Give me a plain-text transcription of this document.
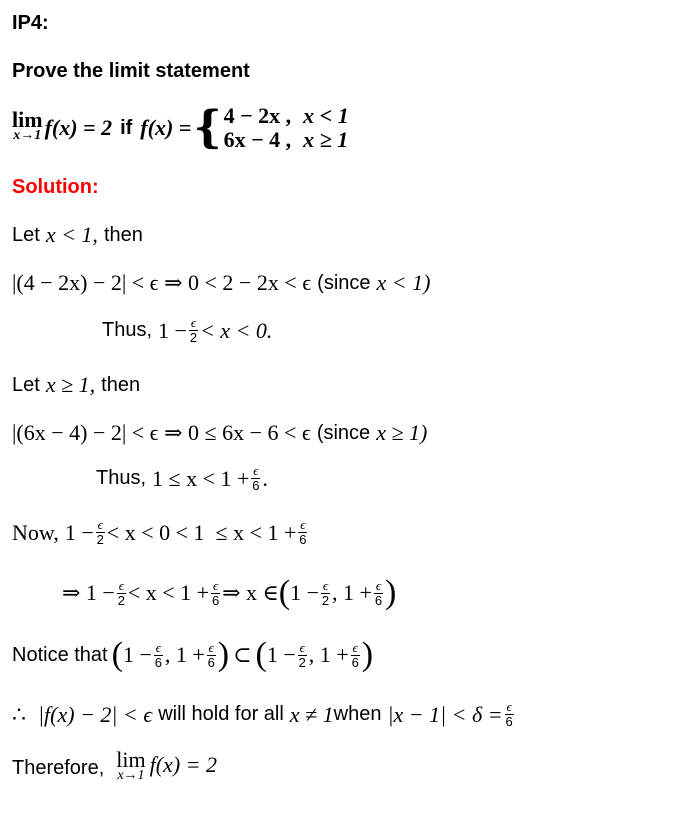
IP4:
Prove the limit statement
lim
x→1 f(x) = 2 if f(x) = { 4 − 2x , x < 1
6x − 4 , x ≥ 1
Solution:
Let x < 1, then
|(4 − 2x) − 2| < ϵ ⇒ 0 < 2 − 2x < ϵ (since x < 1)
Thus, $1 - \frac{\epsilon}{2} < x < 0$.
Let x ≥ 1, then
|(6x − 4) − 2| < ϵ ⇒ 0 ≤ 6x − 6 < ϵ (since x ≥ 1)
Thus, $1 \le x < 1 + \frac{\epsilon}{6}$ .
Now, $1 - \frac{\epsilon}{2} < x < 0 < 1 \le x < 1 + \frac{\epsilon}{6}$
⇒ $1 - \frac{\epsilon}{2} < x < 1 + \frac{\epsilon}{6}$ ⇒ x ∈ ( $1 - \frac{\epsilon}{2}$ , $1 + \frac{\epsilon}{6}$ )
Notice that ( $1 - \frac{\epsilon}{6}$ , $1 + \frac{\epsilon}{6}$ ) ⊂ ( $1 - \frac{\epsilon}{2}$ , $1 + \frac{\epsilon}{6}$ )
∴ |f(x) − 2| < ϵ will hold for all x ≠ 1 when $|x - 1| < \delta = \frac{\epsilon}{6}$
Therefore, lim
x→1 f(x) = 2
